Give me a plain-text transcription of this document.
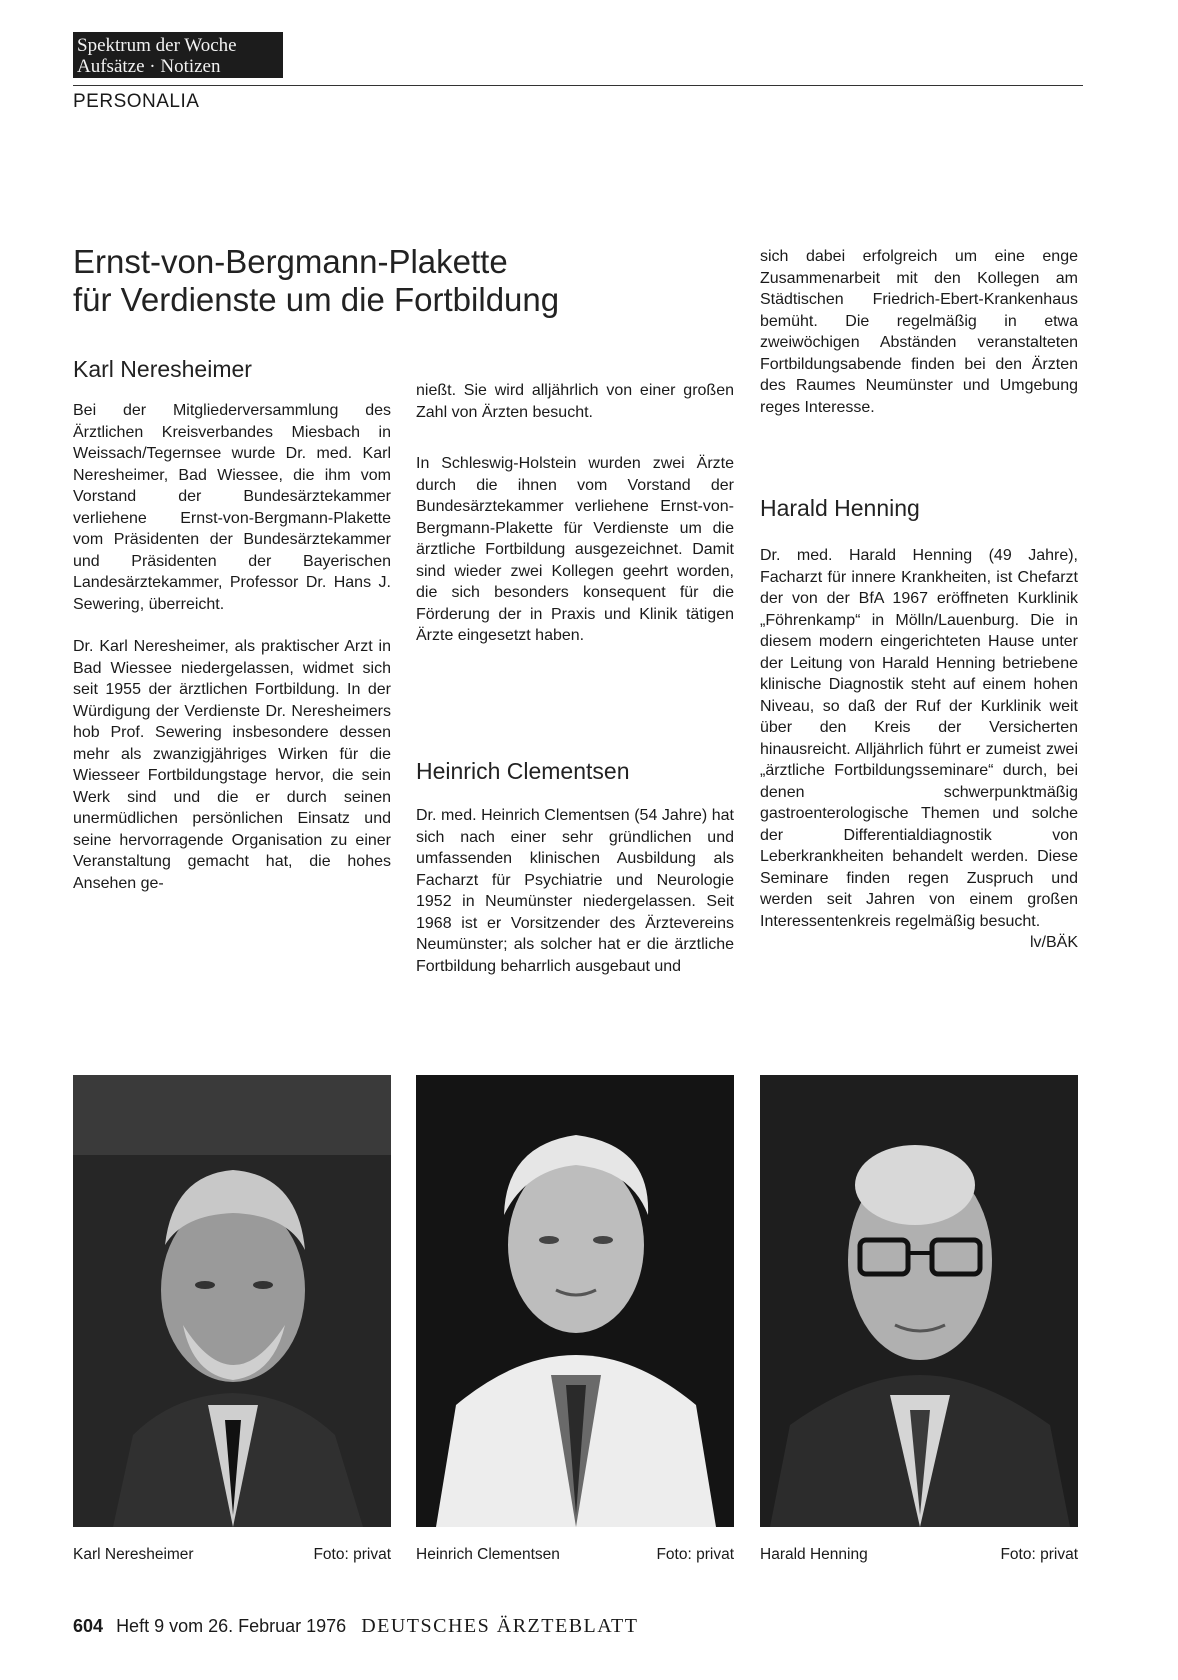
Spektrum der Woche
Aufsätze · Notizen
PERSONALIA
Ernst-von-Bergmann-Plakette
für Verdienste um die Fortbildung
Karl Neresheimer

Bei der Mitgliederversammlung des Ärztlichen Kreisverbandes Miesbach in Weissach/Tegernsee wurde Dr. med. Karl Neresheimer, Bad Wiessee, die ihm vom Vorstand der Bundesärztekammer verliehene Ernst-von-Bergmann-Plakette vom Präsidenten der Bundesärztekammer und Präsidenten der Bayerischen Landesärztekammer, Professor Dr. Hans J. Sewering, überreicht.

Dr. Karl Neresheimer, als praktischer Arzt in Bad Wiessee niedergelassen, widmet sich seit 1955 der ärztlichen Fortbildung. In der Würdigung der Verdienste Dr. Neresheimers hob Prof. Sewering insbesondere dessen mehr als zwanzigjähriges Wirken für die Wiesseer Fortbildungstage hervor, die sein Werk sind und die er durch seinen unermüdlichen persönlichen Einsatz und seine hervorragende Organisation zu einer Veranstaltung gemacht hat, die hohes Ansehen ge-

nießt. Sie wird alljährlich von einer großen Zahl von Ärzten besucht.

In Schleswig-Holstein wurden zwei Ärzte durch die ihnen vom Vorstand der Bundesärztekammer verliehene Ernst-von-Bergmann-Plakette für Verdienste um die ärztliche Fortbildung ausgezeichnet. Damit sind wieder zwei Kollegen geehrt worden, die sich besonders konsequent für die Förderung der in Praxis und Klinik tätigen Ärzte eingesetzt haben.

Heinrich Clementsen

Dr. med. Heinrich Clementsen (54 Jahre) hat sich nach einer sehr gründlichen und umfassenden klinischen Ausbildung als Facharzt für Psychiatrie und Neurologie 1952 in Neumünster niedergelassen. Seit 1968 ist er Vorsitzender des Ärztevereins Neumünster; als solcher hat er die ärztliche Fortbildung beharrlich ausgebaut und

sich dabei erfolgreich um eine enge Zusammenarbeit mit den Kollegen am Städtischen Friedrich-Ebert-Krankenhaus bemüht. Die regelmäßig in etwa zweiwöchigen Abständen veranstalteten Fortbildungsabende finden bei den Ärzten des Raumes Neumünster und Umgebung reges Interesse.

Harald Henning

Dr. med. Harald Henning (49 Jahre), Facharzt für innere Krankheiten, ist Chefarzt der von der BfA 1967 eröffneten Kurklinik „Föhrenkamp“ in Mölln/Lauenburg. Die in diesem modern eingerichteten Hause unter der Leitung von Harald Henning betriebene klinische Diagnostik steht auf einem hohen Niveau, so daß der Ruf der Kurklinik weit über den Kreis der Versicherten hinausreicht. Alljährlich führt er zumeist zwei „ärztliche Fortbildungsseminare“ durch, bei denen schwerpunktmäßig gastroenterologische Themen und solche der Differentialdiagnostik von Leberkrankheiten behandelt werden. Diese Seminare finden regen Zuspruch und werden seit Jahren von einem großen Interessentenkreis regelmäßig besucht.
lv/BÄK

Karl Neresheimer	Foto: privat Heinrich Clementsen	Foto: privat Harald Henning	Foto: privat
604 Heft 9 vom 26. Februar 1976 DEUTSCHES ÄRZTEBLATT
